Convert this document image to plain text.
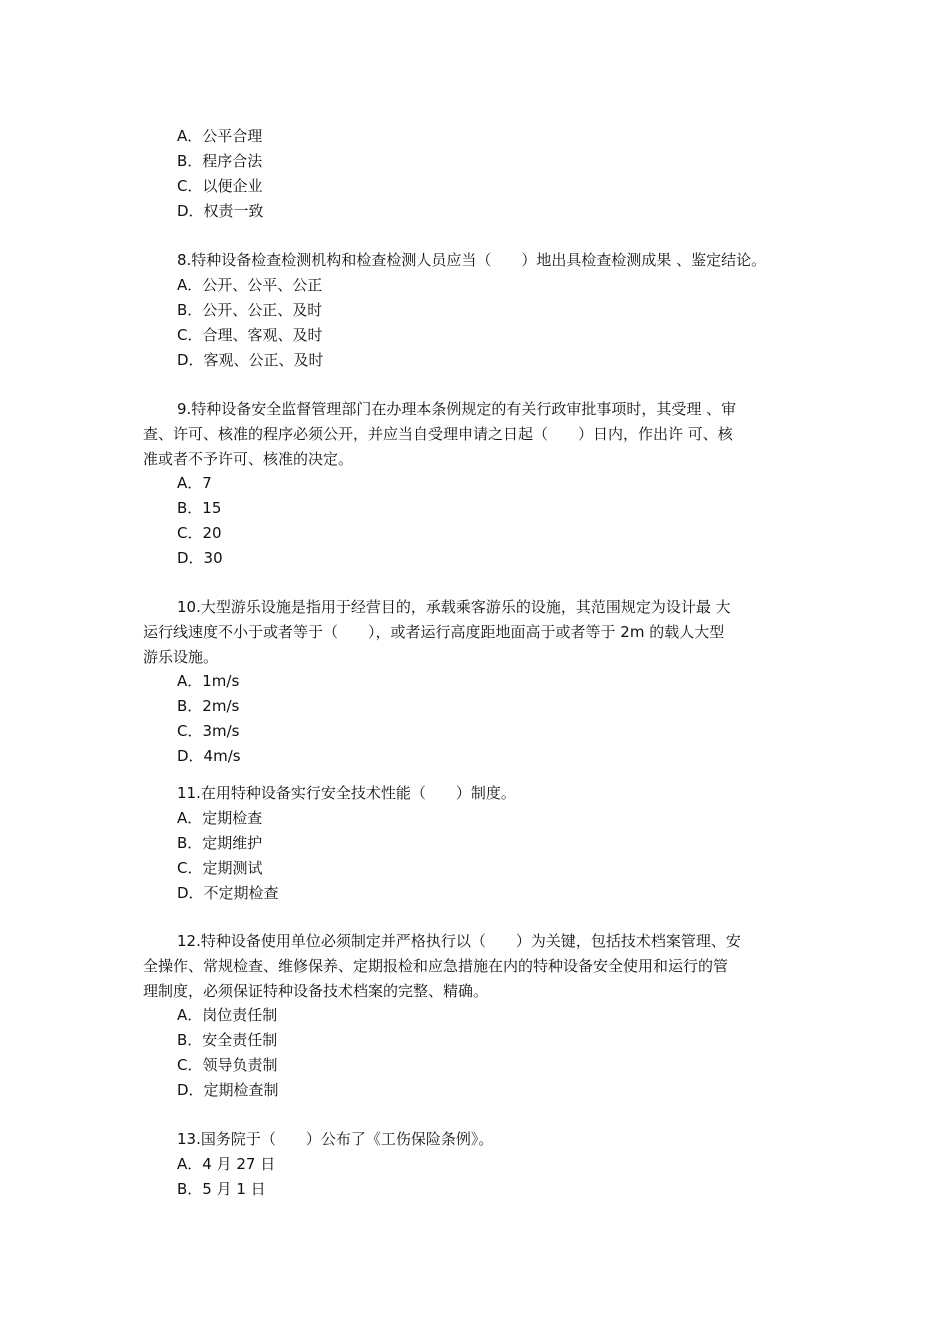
A．公平合理
B．程序合法
C．以便企业
D．权责一致
8.特种设备检查检测机构和检查检测人员应当（　　）地出具检查检测成果 、鉴定结论。
A．公开、公平、公正
B．公开、公正、及时
C．合理、客观、及时
D．客观、公正、及时
9.特种设备安全监督管理部门在办理本条例规定的有关行政审批事项时，其受理 、审
查、许可、核准的程序必须公开，并应当自受理申请之日起（　　）日内，作出许 可、核
准或者不予许可、核准的决定。
A．7
B．15
C．20
D．30
10.大型游乐设施是指用于经营目的，承载乘客游乐的设施，其范围规定为设计最 大
运行线速度不小于或者等于（　　），或者运行高度距地面高于或者等于 2m 的载人大型
游乐设施。
A．1m/s
B．2m/s
C．3m/s
D．4m/s
11.在用特种设备实行安全技术性能（　　）制度。
A．定期检查
B．定期维护
C．定期测试
D．不定期检查
12.特种设备使用单位必须制定并严格执行以（　　）为关键，包括技术档案管理、安
全操作、常规检查、维修保养、定期报检和应急措施在内的特种设备安全使用和运行的管
理制度，必须保证特种设备技术档案的完整、精确。
A．岗位责任制
B．安全责任制
C．领导负责制
D．定期检查制
13.国务院于（　　）公布了《工伤保险条例》。
A．4 月 27 日
B．5 月 1 日
